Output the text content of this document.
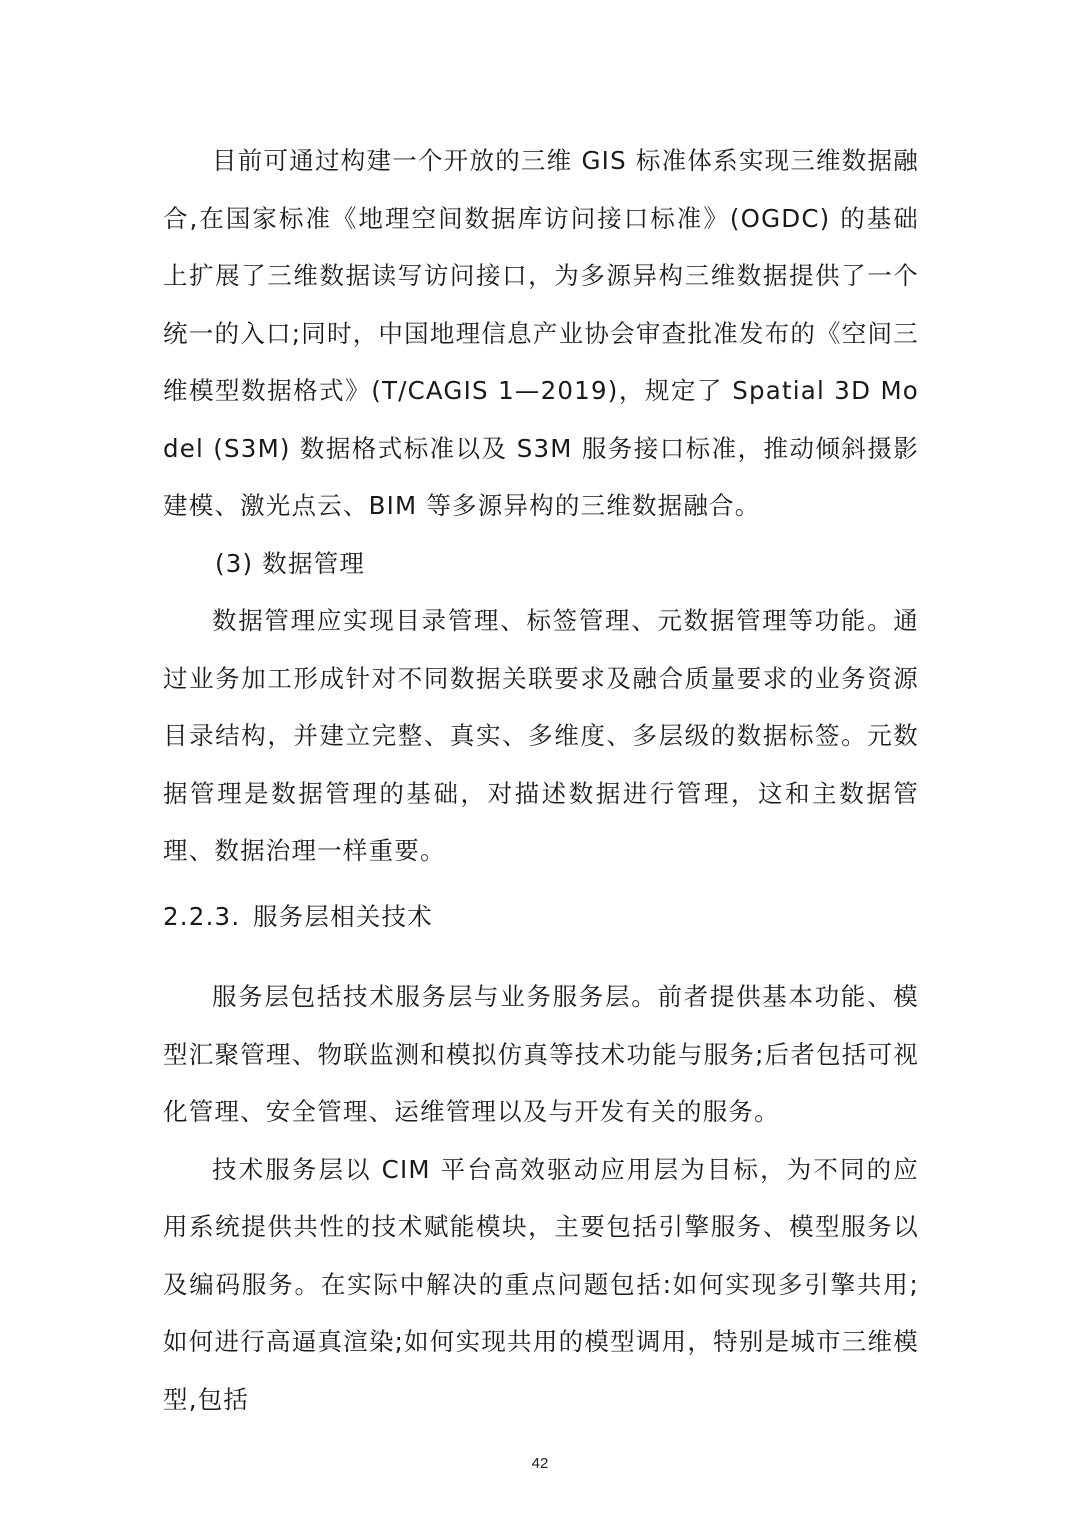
目前可通过构建一个开放的三维 GIS 标准体系实现三维数据融合,在国家标准《地理空间数据库访问接口标准》(OGDC) 的基础上扩展了三维数据读写访问接口，为多源异构三维数据提供了一个统一的入口;同时，中国地理信息产业协会审查批准发布的《空间三维模型数据格式》(T/CAGIS 1—2019)，规定了 Spatial 3D Model (S3M) 数据格式标准以及 S3M 服务接口标准，推动倾斜摄影建模、激光点云、BIM 等多源异构的三维数据融合。

(3) 数据管理

数据管理应实现目录管理、标签管理、元数据管理等功能。通过业务加工形成针对不同数据关联要求及融合质量要求的业务资源目录结构，并建立完整、真实、多维度、多层级的数据标签。元数据管理是数据管理的基础，对描述数据进行管理，这和主数据管理、数据治理一样重要。

2.2.3. 服务层相关技术

服务层包括技术服务层与业务服务层。前者提供基本功能、模型汇聚管理、物联监测和模拟仿真等技术功能与服务;后者包括可视化管理、安全管理、运维管理以及与开发有关的服务。

技术服务层以 CIM 平台高效驱动应用层为目标，为不同的应用系统提供共性的技术赋能模块，主要包括引擎服务、模型服务以及编码服务。在实际中解决的重点问题包括:如何实现多引擎共用;如何进行高逼真渲染;如何实现共用的模型调用，特别是城市三维模型,包括

42
